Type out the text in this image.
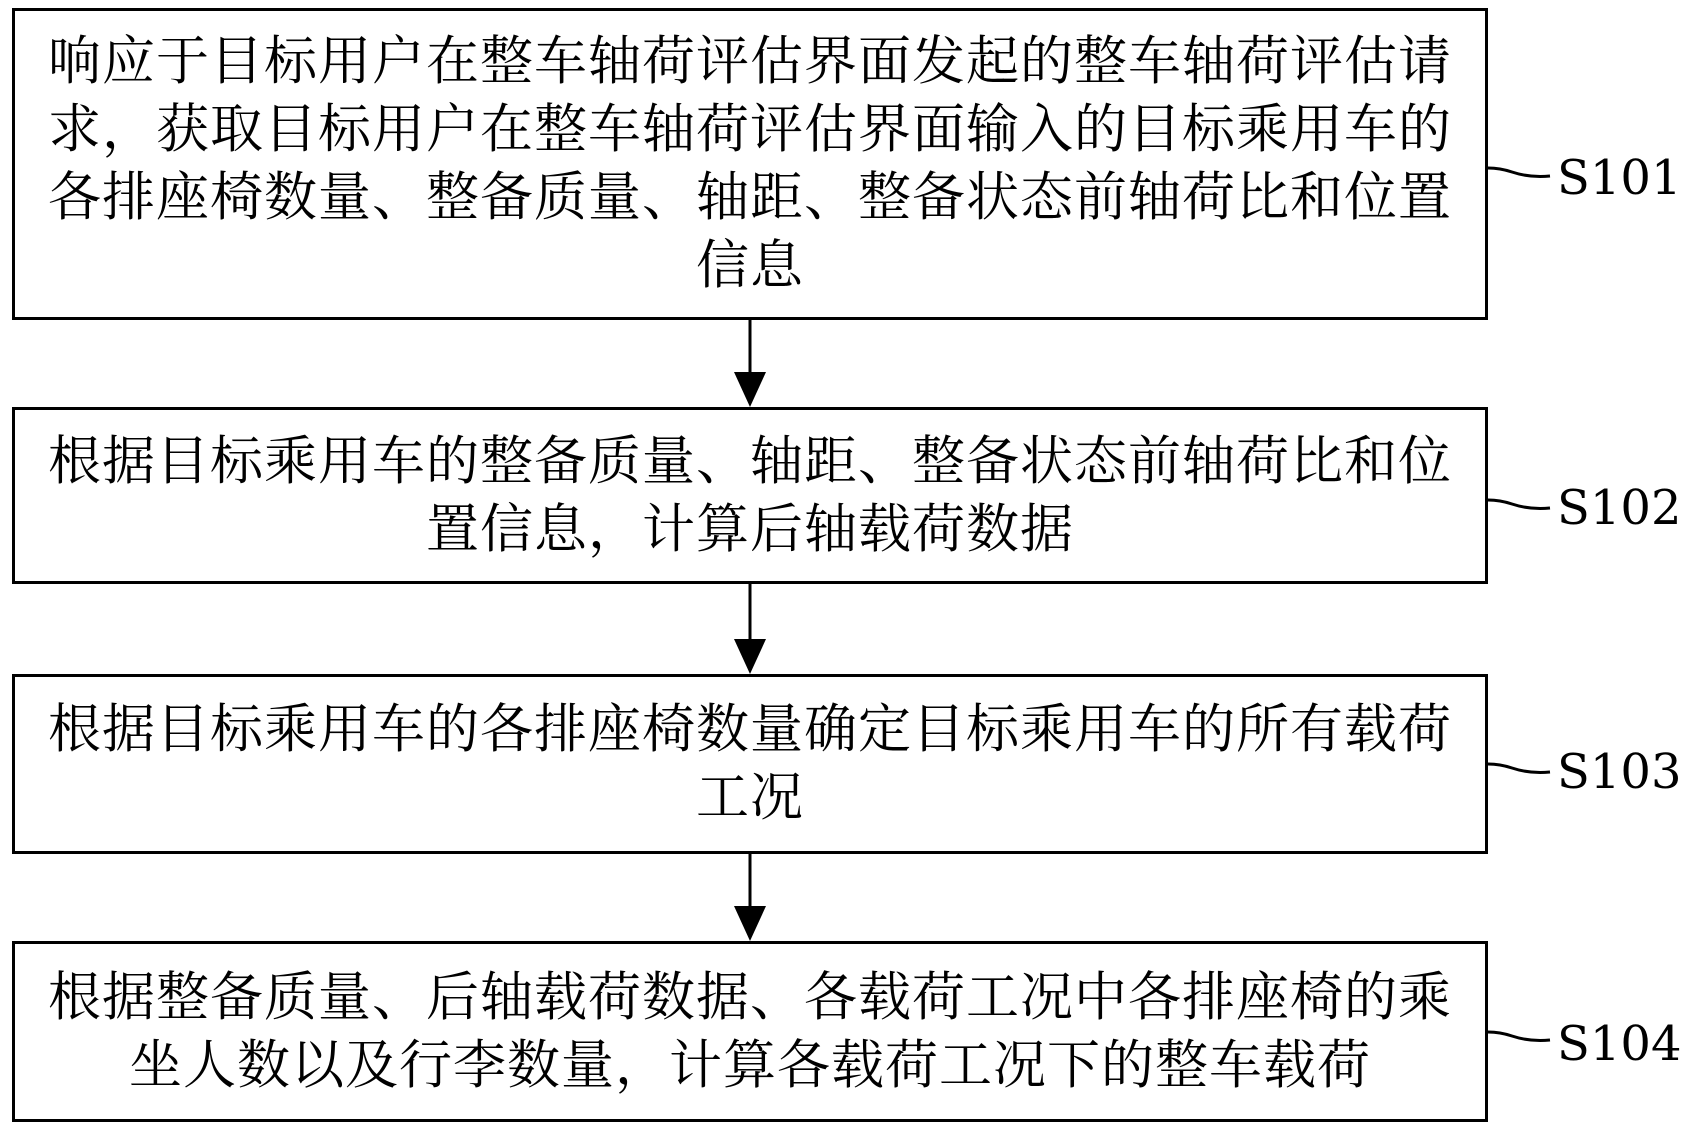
响应于目标用户在整车轴荷评估界面发起的整车轴荷评估请求，获取目标用户在整车轴荷评估界面输入的目标乘用车的各排座椅数量、整备质量、轴距、整备状态前轴荷比和位置信息
S101
根据目标乘用车的整备质量、轴距、整备状态前轴荷比和位置信息，计算后轴载荷数据	S102
根据目标乘用车的各排座椅数量确定目标乘用车的所有载荷工况	S103
根据整备质量、后轴载荷数据、各载荷工况中各排座椅的乘坐人数以及行李数量，计算各载荷工况下的整车载荷	S104
